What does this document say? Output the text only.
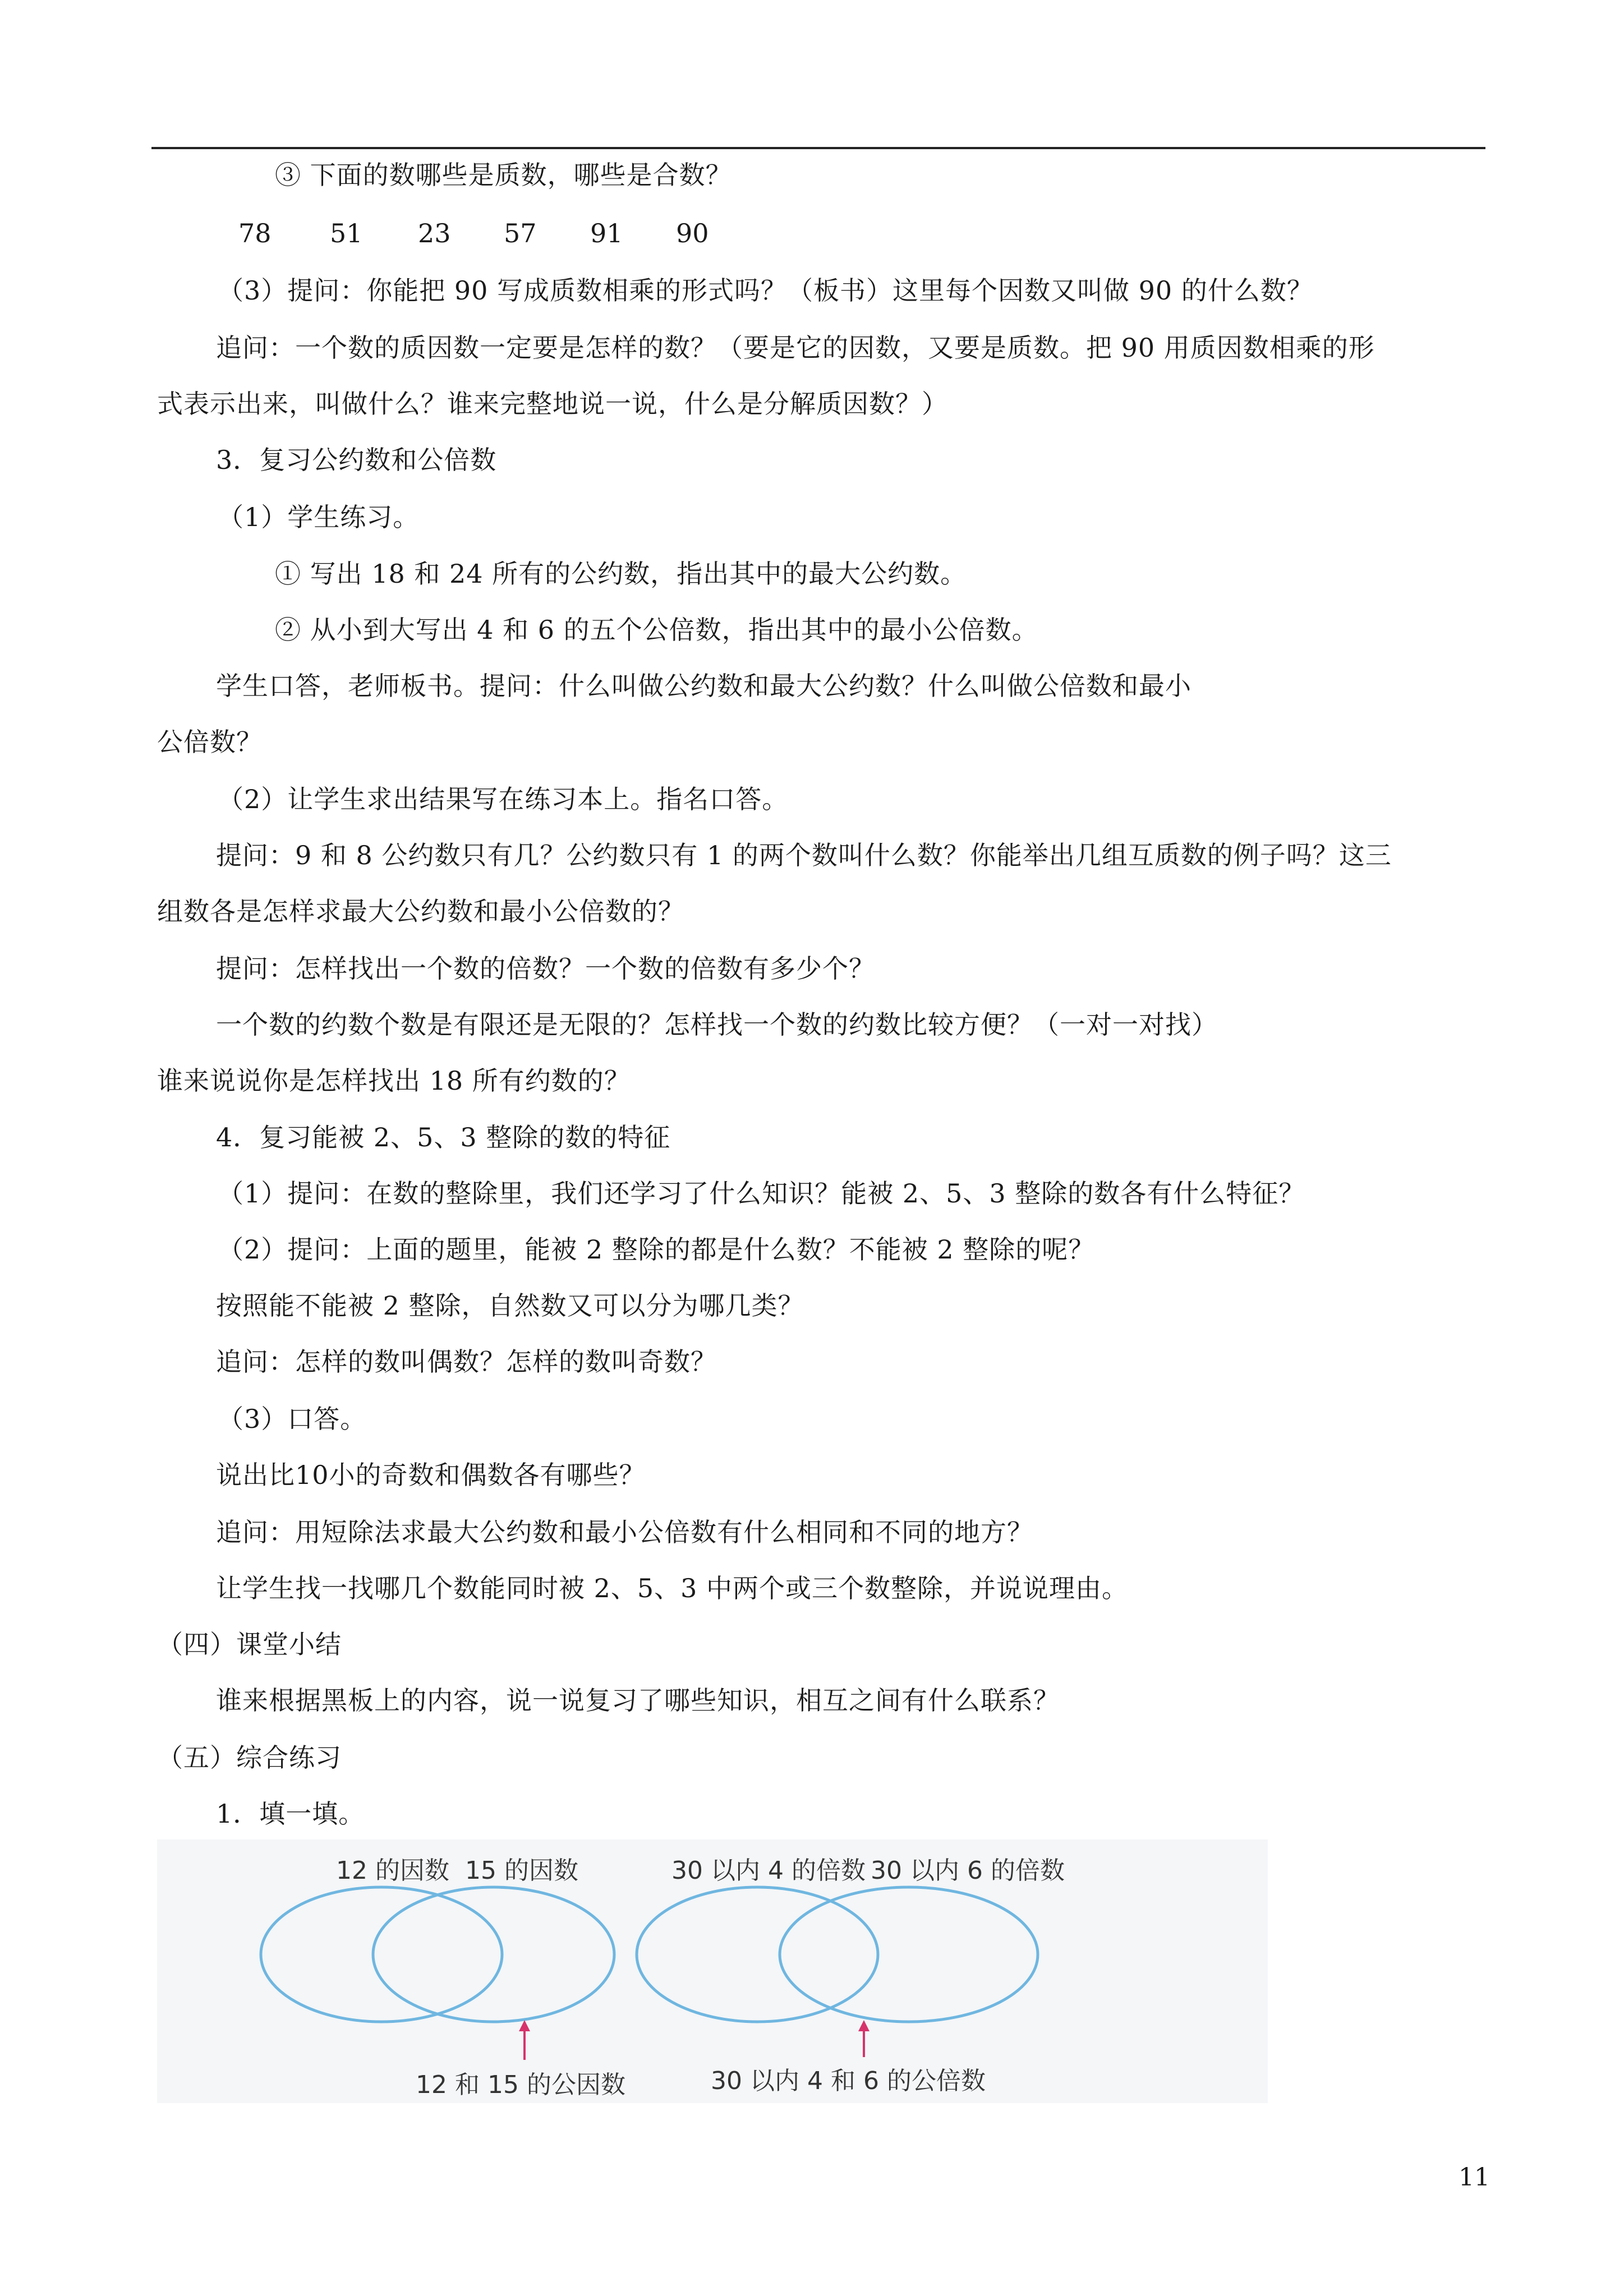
③ 下面的数哪些是质数，哪些是合数？
78 51 23 57 91 90
（3）提问：你能把 90 写成质数相乘的形式吗？（板书）这里每个因数又叫做 90 的什么数？
追问：一个数的质因数一定要是怎样的数？（要是它的因数，又要是质数。把 90 用质因数相乘的形
式表示出来，叫做什么？谁来完整地说一说，什么是分解质因数？）
3．复习公约数和公倍数
（1）学生练习。
① 写出 18 和 24 所有的公约数，指出其中的最大公约数。
② 从小到大写出 4 和 6 的五个公倍数，指出其中的最小公倍数。
学生口答，老师板书。提问：什么叫做公约数和最大公约数？什么叫做公倍数和最小
公倍数？
（2）让学生求出结果写在练习本上。指名口答。
提问：9 和 8 公约数只有几？公约数只有 1 的两个数叫什么数？你能举出几组互质数的例子吗？这三
组数各是怎样求最大公约数和最小公倍数的？
提问：怎样找出一个数的倍数？一个数的倍数有多少个？
一个数的约数个数是有限还是无限的？怎样找一个数的约数比较方便？（一对一对找）
谁来说说你是怎样找出 18 所有约数的？
4．复习能被 2、5、3 整除的数的特征
（1）提问：在数的整除里，我们还学习了什么知识？能被 2、5、3 整除的数各有什么特征？
（2）提问：上面的题里，能被 2 整除的都是什么数？不能被 2 整除的呢？
按照能不能被 2 整除，自然数又可以分为哪几类？
追问：怎样的数叫偶数？怎样的数叫奇数？
（3）口答。
说出比10小的奇数和偶数各有哪些？
追问：用短除法求最大公约数和最小公倍数有什么相同和不同的地方？
让学生找一找哪几个数能同时被 2、5、3 中两个或三个数整除，并说说理由。
（四）课堂小结
谁来根据黑板上的内容，说一说复习了哪些知识，相互之间有什么联系？
（五）综合练习
1．填一填。
12 的因数 15 的因数
12 和 15 的公因数
30 以内 4 的倍数 30 以内 6 的倍数
30 以内 4 和 6 的公倍数
11
